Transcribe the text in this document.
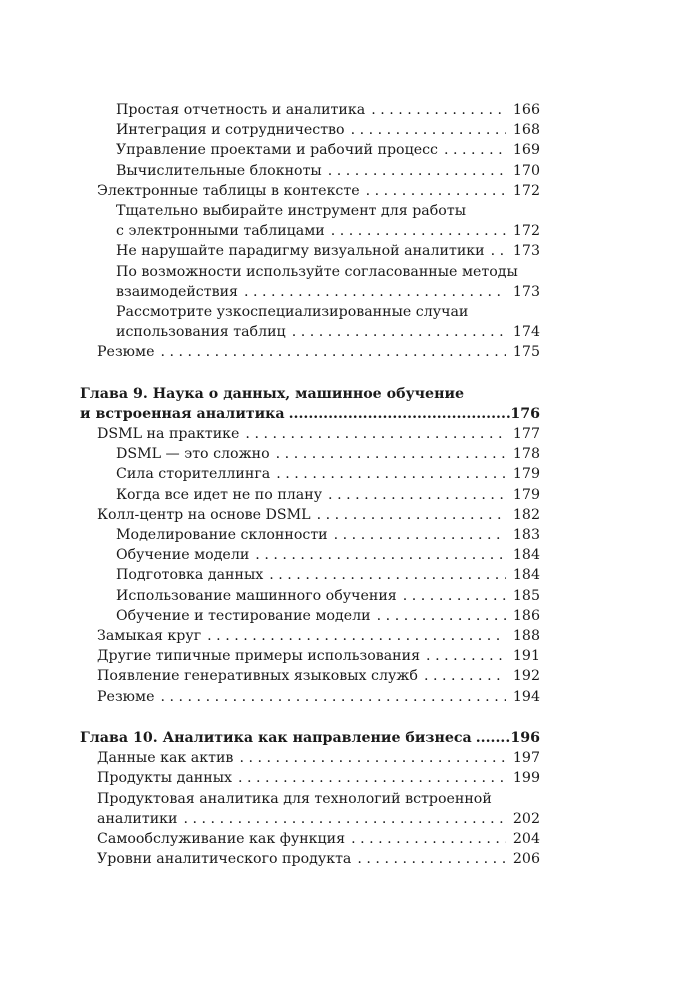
Простая отчетность и аналитика . . .	166
Интеграция и сотрудничество . . .	168
Управление проектами и рабочий процесс . . .	169
Вычислительные блокноты . . .	170
Электронные таблицы в контексте . . .	172
Тщательно выбирайте инструмент для работы
с электронными таблицами . . .	172
Не нарушайте парадигму визуальной аналитики . . . 173
По возможности используйте согласованные методы
взаимодействия . . .	173
Рассмотрите узкоспециализированные случаи
использования таблиц . . .	174
Резюме . . .	175
Глава 9. Наука о данных, машинное обучение
и встроенная аналитика .....	176
DSML на практике . . .	177
DSML — это сложно . . .	178
Сила сторителлинга . . .	179
Когда все идет не по плану . . .	179
Колл-центр на основе DSML . . .	182
Моделирование склонности . . .	183
Обучение модели . . .	184
Подготовка данных . . .	184
Использование машинного обучения . . .	185
Обучение и тестирование модели . . .	186
Замыкая круг . . .	188
Другие типичные примеры использования . . .	191
Появление генеративных языковых служб . . .	192
Резюме . . .	194
Глава 10. Аналитика как направление бизнеса .....	196
Данные как актив . . .	197
Продукты данных . . .	199
Продуктовая аналитика для технологий встроенной
аналитики . . .	202
Самообслуживание как функция . . .	204
Уровни аналитического продукта . . .	206
